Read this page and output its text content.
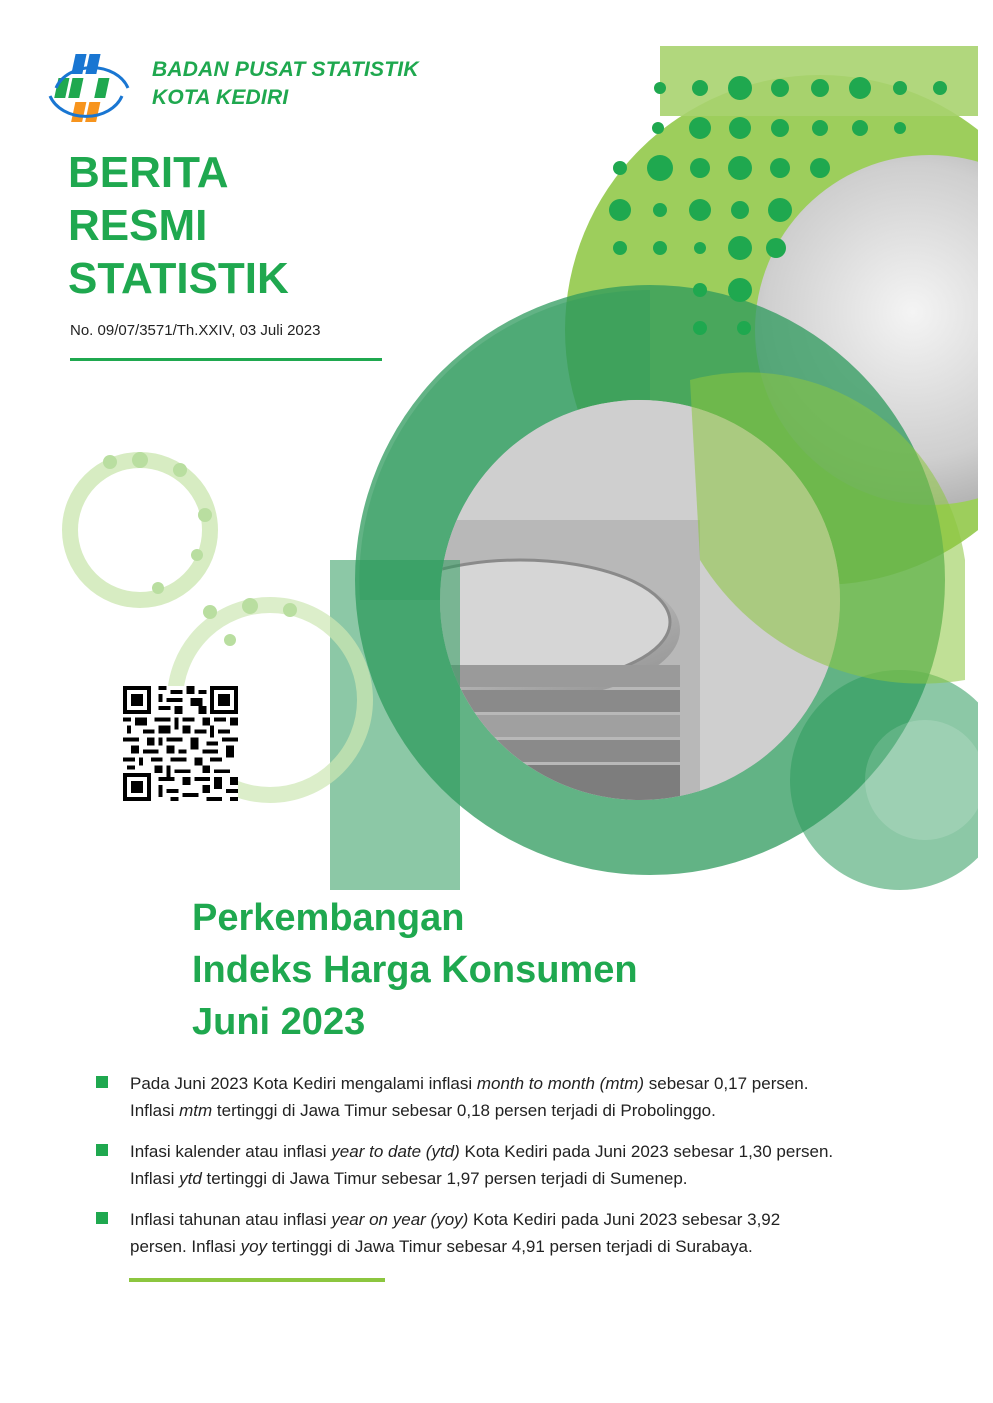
BADAN PUSAT STATISTIK
KOTA KEDIRI
BERITA
RESMI
STATISTIK
No. 09/07/3571/Th.XXIV, 03 Juli 2023
Perkembangan
Indeks Harga Konsumen
Juni 2023
Pada Juni 2023 Kota Kediri mengalami inflasi month to month (mtm) sebesar 0,17 persen.
Inflasi mtm tertinggi di Jawa Timur sebesar 0,18 persen terjadi di Probolinggo.
Infasi kalender atau inflasi year to date (ytd) Kota Kediri pada Juni 2023 sebesar 1,30 persen.
Inflasi ytd tertinggi di Jawa Timur sebesar 1,97 persen terjadi di Sumenep.
Inflasi tahunan atau inflasi year on year (yoy) Kota Kediri pada Juni 2023 sebesar 3,92
persen. Inflasi yoy tertinggi di Jawa Timur sebesar 4,91 persen terjadi di Surabaya.
